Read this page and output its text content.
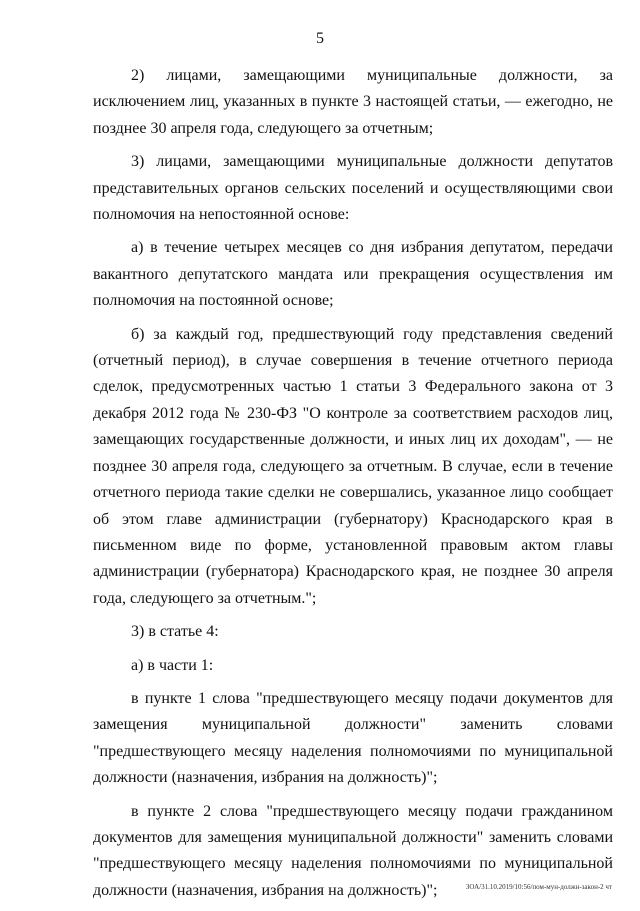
5

2) лицами, замещающими муниципальные должности, за исключением лиц, указанных в пункте 3 настоящей статьи, — ежегодно, не позднее 30 апреля года, следующего за отчетным;

3) лицами, замещающими муниципальные должности депутатов представительных органов сельских поселений и осуществляющими свои полномочия на непостоянной основе:

а) в течение четырех месяцев со дня избрания депутатом, передачи вакантного депутатского мандата или прекращения осуществления им полномочия на постоянной основе;

б) за каждый год, предшествующий году представления сведений (отчетный период), в случае совершения в течение отчетного периода сделок, предусмотренных частью 1 статьи 3 Федерального закона от 3 декабря 2012 года № 230-ФЗ "О контроле за соответствием расходов лиц, замещающих государственные должности, и иных лиц их доходам", — не позднее 30 апреля года, следующего за отчетным. В случае, если в течение отчетного периода такие сделки не совершались, указанное лицо сообщает об этом главе администрации (губернатору) Краснодарского края в письменном виде по форме, установленной правовым актом главы администрации (губернатора) Краснодарского края, не позднее 30 апреля года, следующего за отчетным.";

3) в статье 4:

а) в части 1:

в пункте 1 слова "предшествующего месяцу подачи документов для замещения муниципальной должности" заменить словами "предшествующего месяцу наделения полномочиями по муниципальной должности (назначения, избрания на должность)";

в пункте 2 слова "предшествующего месяцу подачи гражданином документов для замещения муниципальной должности" заменить словами "предшествующего месяцу наделения полномочиями по муниципальной должности (назначения, избрания на должность)";	ЗОА/31.10.2019/10:56/пом-мун-должн-закон-2 чт
